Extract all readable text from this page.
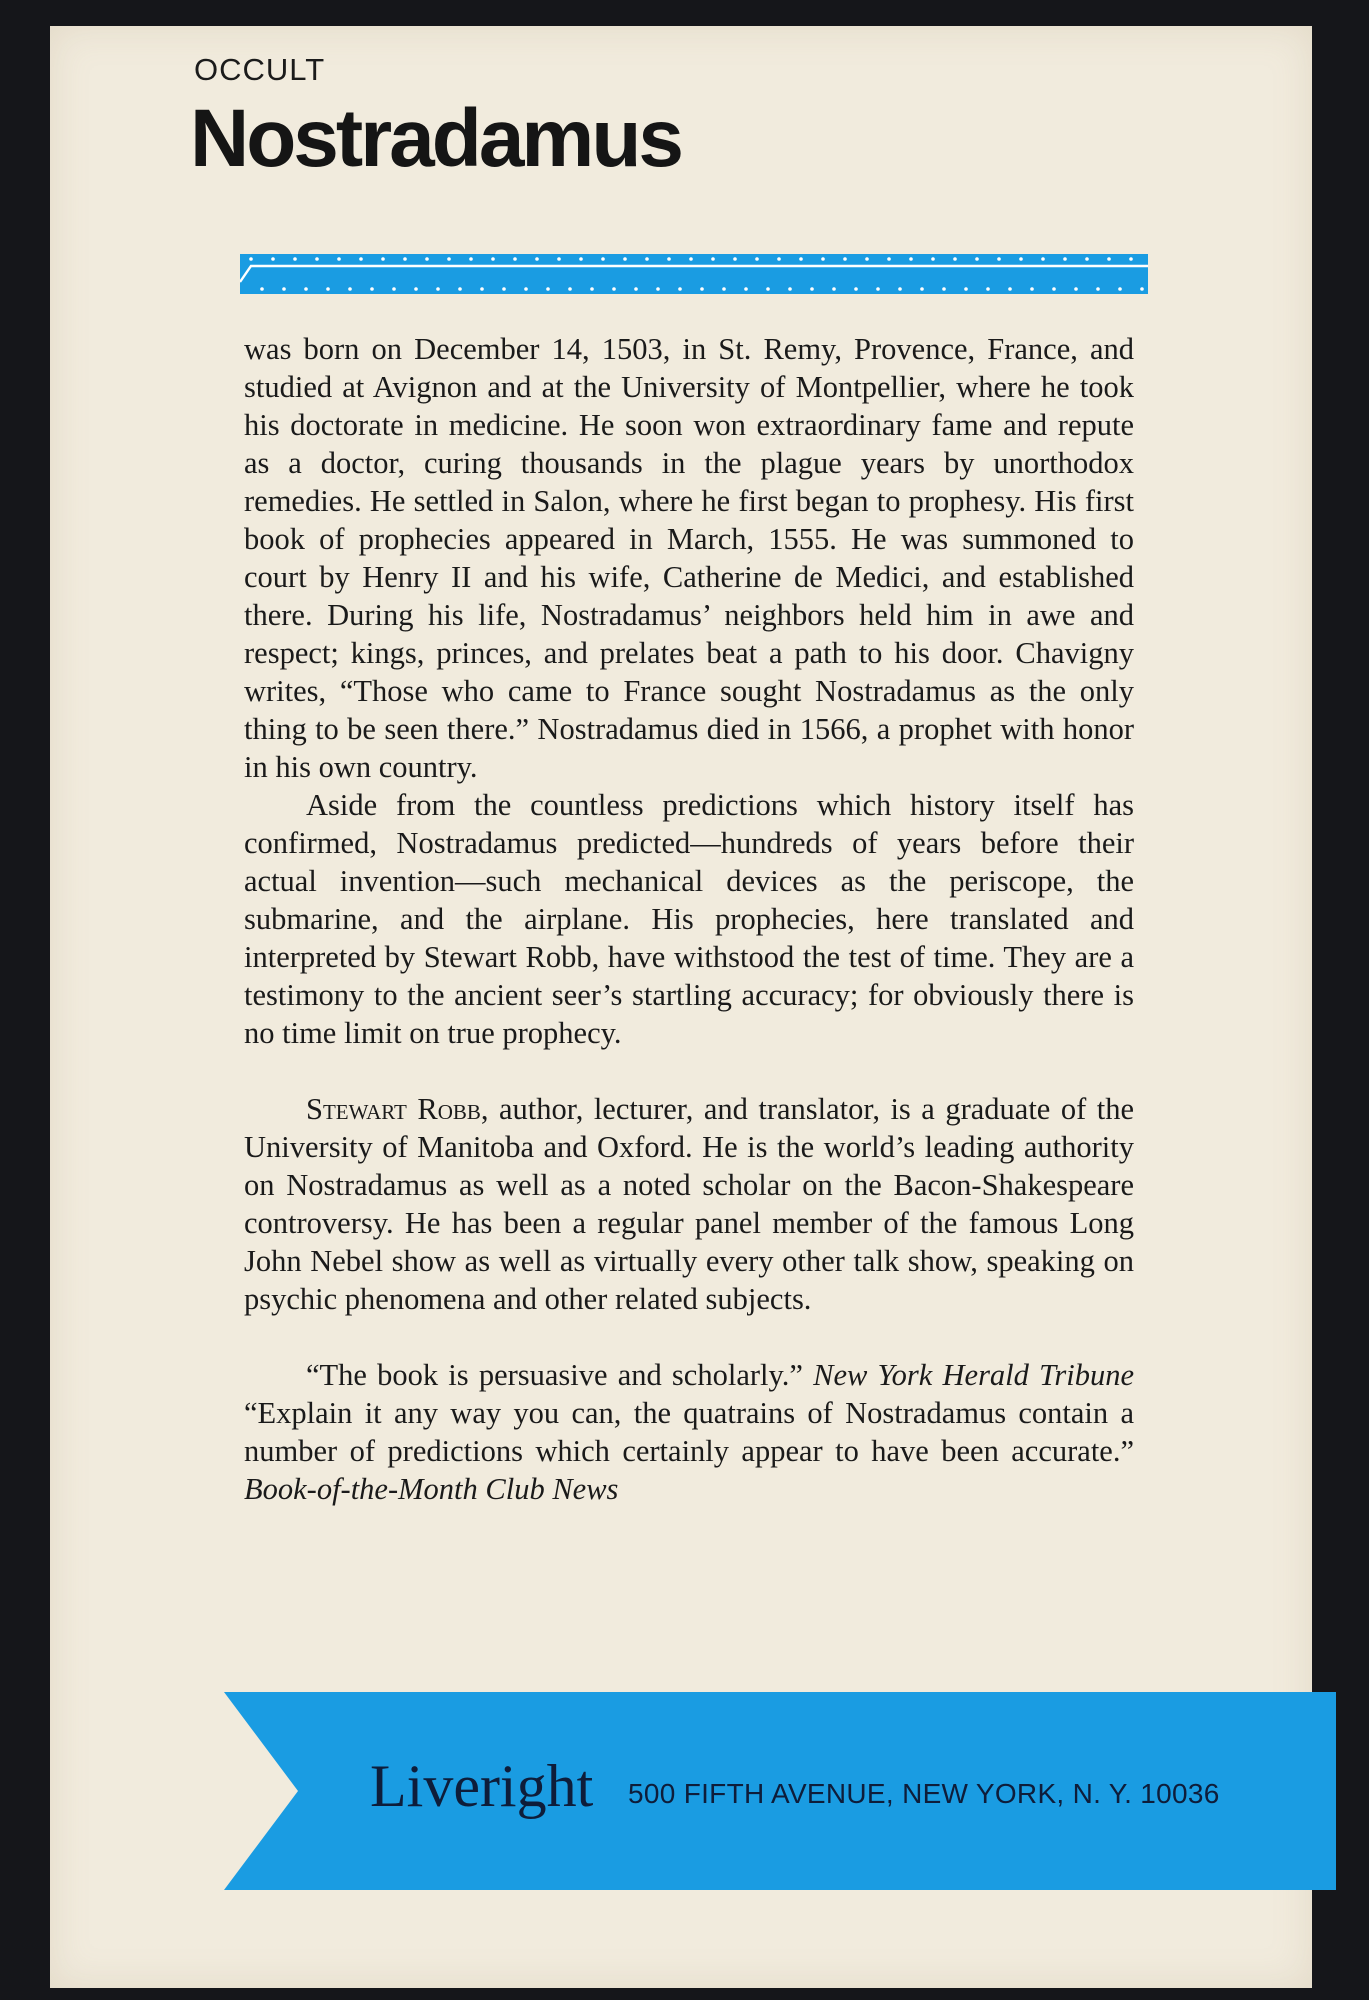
OCCULT
Nostradamus

was born on December 14, 1503, in St. Remy, Provence, France, and studied at Avignon and at the University of Montpellier, where he took his doctorate in medicine. He soon won extraordinary fame and repute as a doctor, curing thousands in the plague years by unorthodox remedies. He settled in Salon, where he first began to prophesy. His first book of prophecies appeared in March, 1555. He was summoned to court by Henry II and his wife, Catherine de Medici, and established there. During his life, Nostradamus’ neighbors held him in awe and respect; kings, princes, and prelates beat a path to his door. Chavigny writes, “Those who came to France sought Nostradamus as the only thing to be seen there.” Nostradamus died in 1566, a prophet with honor in his own country.

Aside from the countless predictions which history itself has confirmed, Nostradamus predicted—hundreds of years before their actual invention—such mechanical devices as the periscope, the submarine, and the airplane. His prophecies, here translated and interpreted by Stewart Robb, have withstood the test of time. They are a testimony to the ancient seer’s startling accuracy; for obviously there is no time limit on true prophecy.

Stewart Robb, author, lecturer, and translator, is a graduate of the University of Manitoba and Oxford. He is the world’s leading authority on Nostradamus as well as a noted scholar on the Bacon-Shakespeare controversy. He has been a regular panel member of the famous Long John Nebel show as well as virtually every other talk show, speaking on psychic phenomena and other related subjects.

“The book is persuasive and scholarly.” New York Herald Tribune “Explain it any way you can, the quatrains of Nostradamus contain a number of predictions which certainly appear to have been accurate.” Book-of-the-Month Club News

Liveright 500 FIFTH AVENUE, NEW YORK, N. Y. 10036
